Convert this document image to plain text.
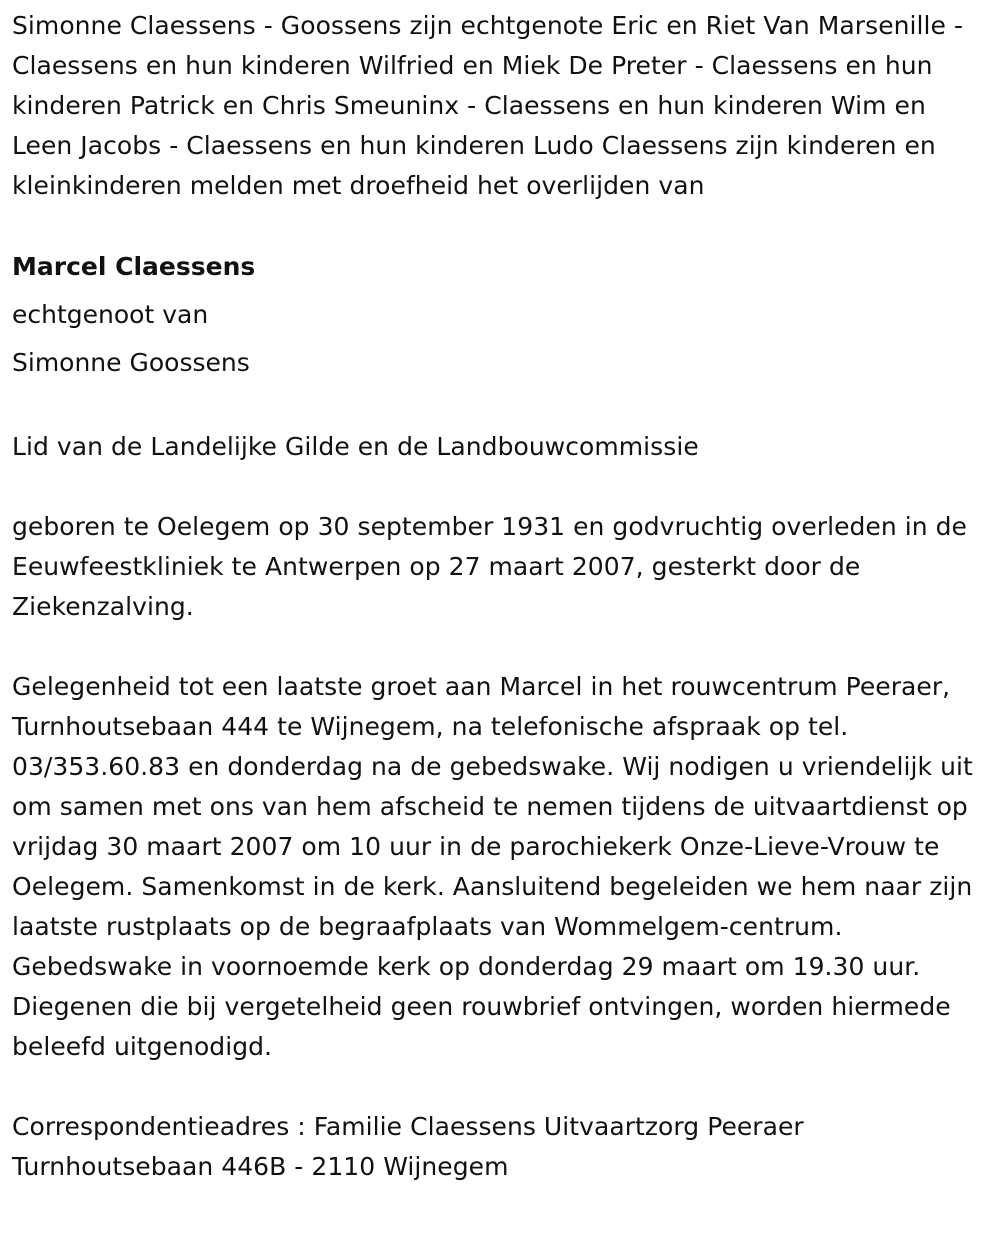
Simonne Claessens - Goossens zijn echtgenote Eric en Riet Van Marsenille - Claessens en hun kinderen Wilfried en Miek De Preter - Claessens en hun kinderen Patrick en Chris Smeuninx - Claessens en hun kinderen Wim en Leen Jacobs - Claessens en hun kinderen Ludo Claessens zijn kinderen en kleinkinderen melden met droefheid het overlijden van

Marcel Claessens

echtgenoot van

Simonne Goossens

Lid van de Landelijke Gilde en de Landbouwcommissie

geboren te Oelegem op 30 september 1931 en godvruchtig overleden in de Eeuwfeestkliniek te Antwerpen op 27 maart 2007, gesterkt door de Ziekenzalving.

Gelegenheid tot een laatste groet aan Marcel in het rouwcentrum Peeraer, Turnhoutsebaan 444 te Wijnegem, na telefonische afspraak op tel. 03/353.60.83 en donderdag na de gebedswake. Wij nodigen u vriendelijk uit om samen met ons van hem afscheid te nemen tijdens de uitvaartdienst op vrijdag 30 maart 2007 om 10 uur in de parochiekerk Onze-Lieve-Vrouw te Oelegem. Samenkomst in de kerk. Aansluitend begeleiden we hem naar zijn laatste rustplaats op de begraafplaats van Wommelgem-centrum. Gebedswake in voornoemde kerk op donderdag 29 maart om 19.30 uur. Diegenen die bij vergetelheid geen rouwbrief ontvingen, worden hiermede beleefd uitgenodigd.

Correspondentieadres : Familie Claessens Uitvaartzorg Peeraer Turnhoutsebaan 446B - 2110 Wijnegem
